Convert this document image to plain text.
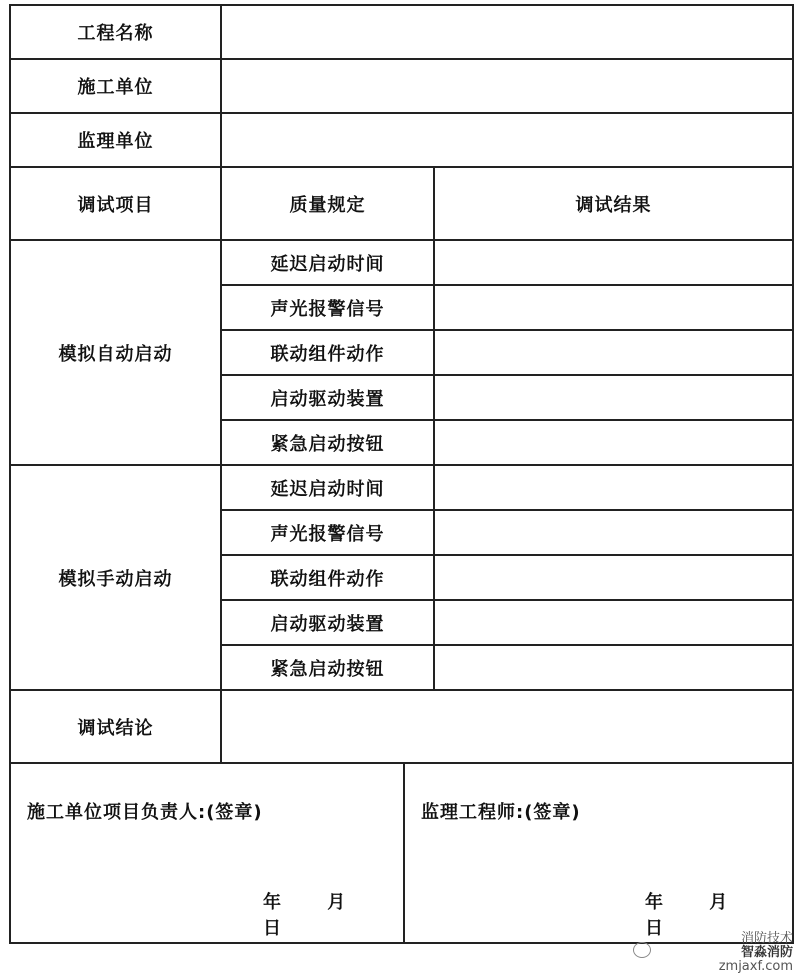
工程名称		
施工单位		
监理单位		
调试项目	质量规定	调试结果
模拟自动启动	延迟启动时间	
	声光报警信号	
	联动组件动作	
	启动驱动装置	
	紧急启动按钮	
模拟手动启动	延迟启动时间	
	声光报警信号	
	联动组件动作	
	启动驱动装置	
	紧急启动按钮	
调试结论		
施工单位项目负责人:(签章)
年 月 日

监理工程师:(签章)
年 月 日	消防技术
智淼消防
zmjaxf.com
